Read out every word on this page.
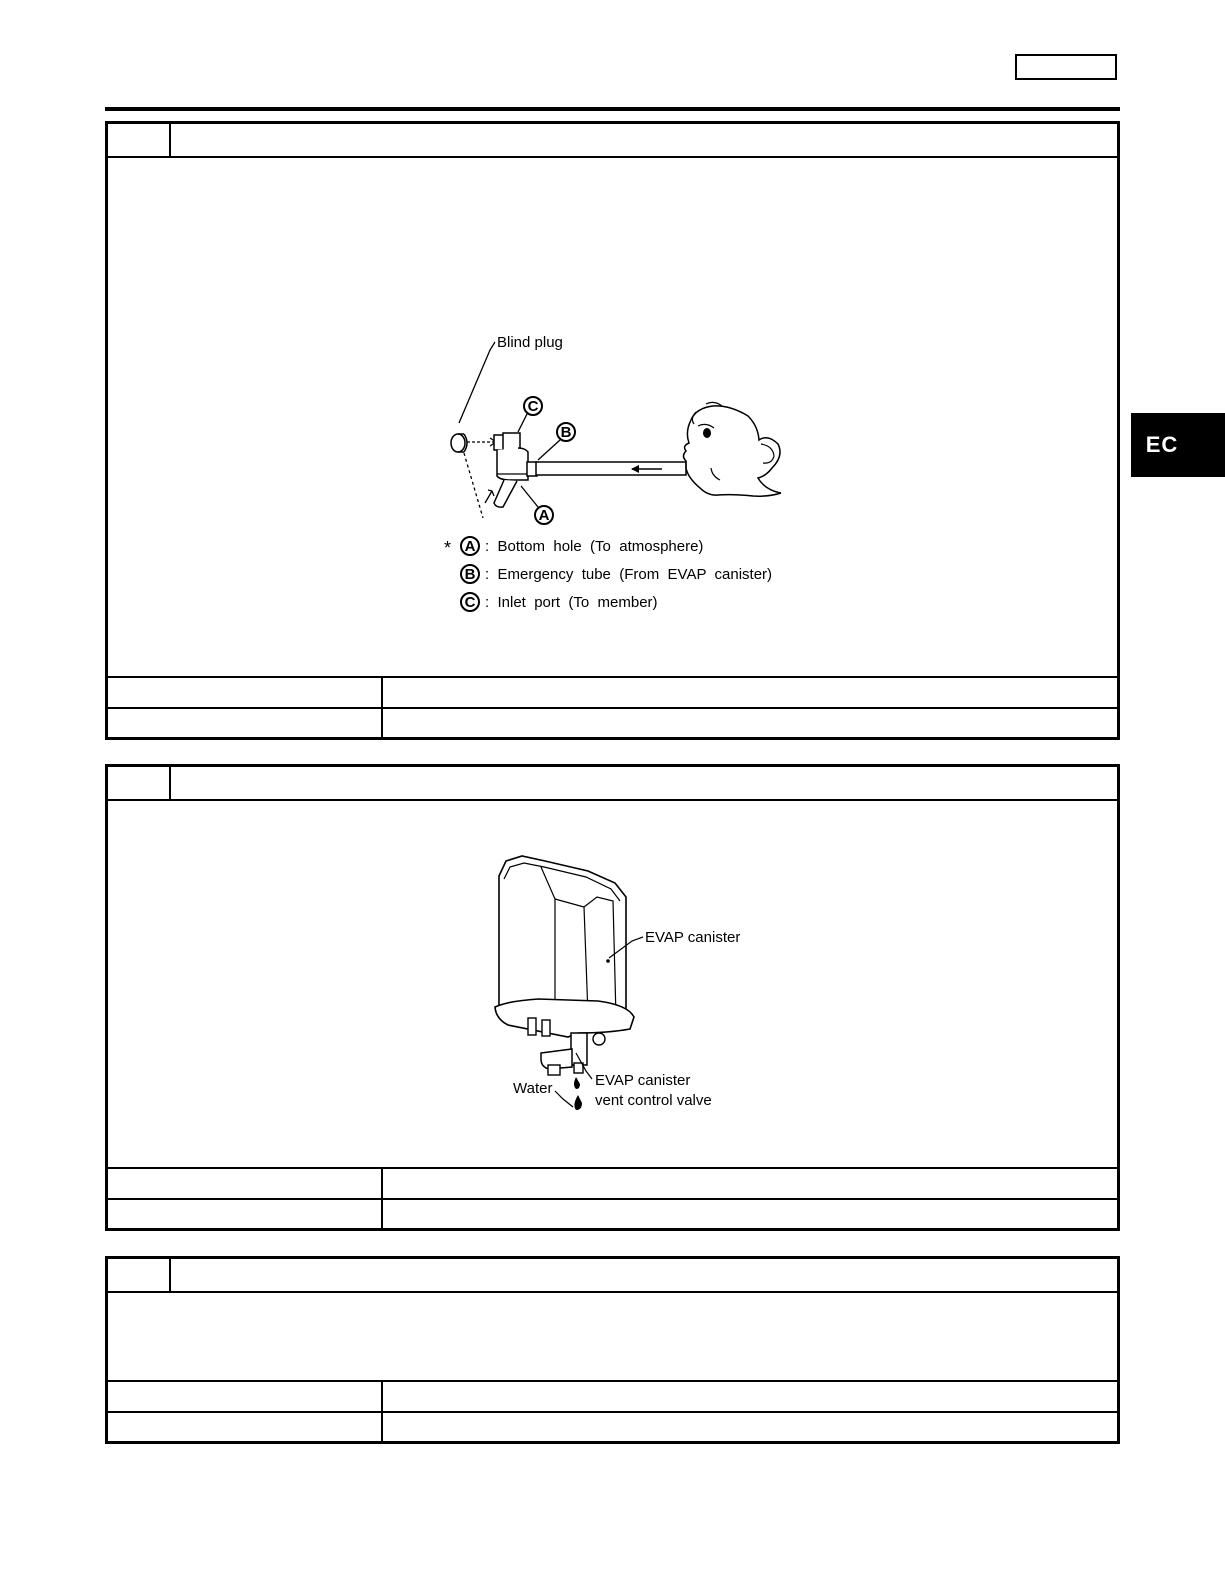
EC
Blind plug
C
B
A
* A :  Bottom  hole  (To  atmosphere)
B :  Emergency  tube  (From  EVAP  canister)
C :  Inlet  port  (To  member)
EVAP canister
EVAP canister
vent control valve
Water
